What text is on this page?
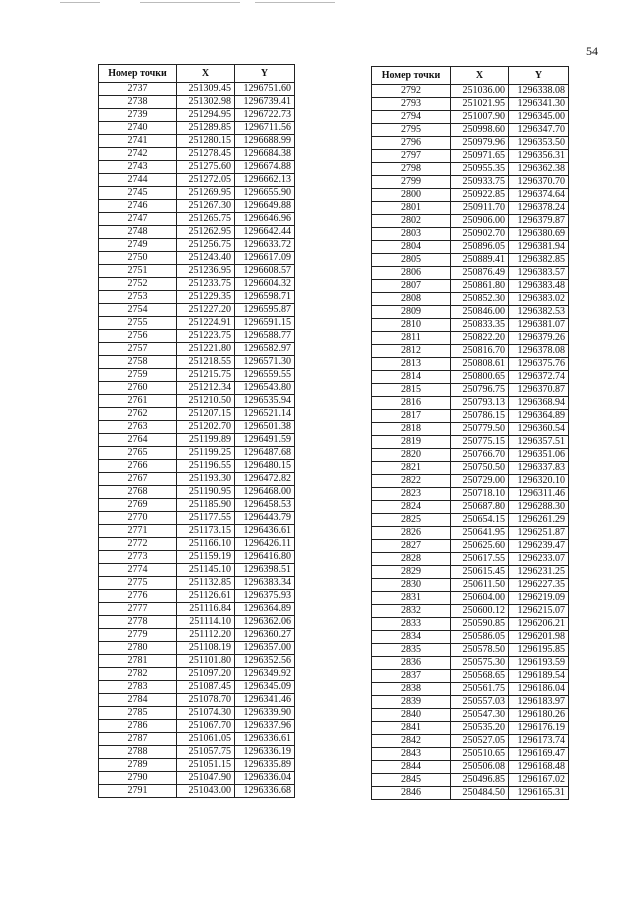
54
Номер точки	X	Y
2737	251309.45	1296751.60
2738	251302.98	1296739.41
2739	251294.95	1296722.73
2740	251289.85	1296711.56
2741	251280.15	1296688.99
2742	251278.45	1296684.38
2743	251275.60	1296674.88
2744	251272.05	1296662.13
2745	251269.95	1296655.90
2746	251267.30	1296649.88
2747	251265.75	1296646.96
2748	251262.95	1296642.44
2749	251256.75	1296633.72
2750	251243.40	1296617.09
2751	251236.95	1296608.57
2752	251233.75	1296604.32
2753	251229.35	1296598.71
2754	251227.20	1296595.87
2755	251224.91	1296591.15
2756	251223.75	1296588.77
2757	251221.80	1296582.97
2758	251218.55	1296571.30
2759	251215.75	1296559.55
2760	251212.34	1296543.80
2761	251210.50	1296535.94
2762	251207.15	1296521.14
2763	251202.70	1296501.38
2764	251199.89	1296491.59
2765	251199.25	1296487.68
2766	251196.55	1296480.15
2767	251193.30	1296472.82
2768	251190.95	1296468.00
2769	251185.90	1296458.53
2770	251177.55	1296443.79
2771	251173.15	1296436.61
2772	251166.10	1296426.11
2773	251159.19	1296416.80
2774	251145.10	1296398.51
2775	251132.85	1296383.34
2776	251126.61	1296375.93
2777	251116.84	1296364.89
2778	251114.10	1296362.06
2779	251112.20	1296360.27
2780	251108.19	1296357.00
2781	251101.80	1296352.56
2782	251097.20	1296349.92
2783	251087.45	1296345.09
2784	251078.70	1296341.46
2785	251074.30	1296339.90
2786	251067.70	1296337.96
2787	251061.05	1296336.61
2788	251057.75	1296336.19
2789	251051.15	1296335.89
2790	251047.90	1296336.04
2791	251043.00	1296336.68
Номер точки	X	Y
2792	251036.00	1296338.08
2793	251021.95	1296341.30
2794	251007.90	1296345.00
2795	250998.60	1296347.70
2796	250979.96	1296353.50
2797	250971.65	1296356.31
2798	250955.35	1296362.38
2799	250933.75	1296370.70
2800	250922.85	1296374.64
2801	250911.70	1296378.24
2802	250906.00	1296379.87
2803	250902.70	1296380.69
2804	250896.05	1296381.94
2805	250889.41	1296382.85
2806	250876.49	1296383.57
2807	250861.80	1296383.48
2808	250852.30	1296383.02
2809	250846.00	1296382.53
2810	250833.35	1296381.07
2811	250822.20	1296379.26
2812	250816.70	1296378.08
2813	250808.61	1296375.76
2814	250800.65	1296372.74
2815	250796.75	1296370.87
2816	250793.13	1296368.94
2817	250786.15	1296364.89
2818	250779.50	1296360.54
2819	250775.15	1296357.51
2820	250766.70	1296351.06
2821	250750.50	1296337.83
2822	250729.00	1296320.10
2823	250718.10	1296311.46
2824	250687.80	1296288.30
2825	250654.15	1296261.29
2826	250641.95	1296251.87
2827	250625.60	1296239.47
2828	250617.55	1296233.07
2829	250615.45	1296231.25
2830	250611.50	1296227.35
2831	250604.00	1296219.09
2832	250600.12	1296215.07
2833	250590.85	1296206.21
2834	250586.05	1296201.98
2835	250578.50	1296195.85
2836	250575.30	1296193.59
2837	250568.65	1296189.54
2838	250561.75	1296186.04
2839	250557.03	1296183.97
2840	250547.30	1296180.26
2841	250535.20	1296176.19
2842	250527.05	1296173.74
2843	250510.65	1296169.47
2844	250506.08	1296168.48
2845	250496.85	1296167.02
2846	250484.50	1296165.31
